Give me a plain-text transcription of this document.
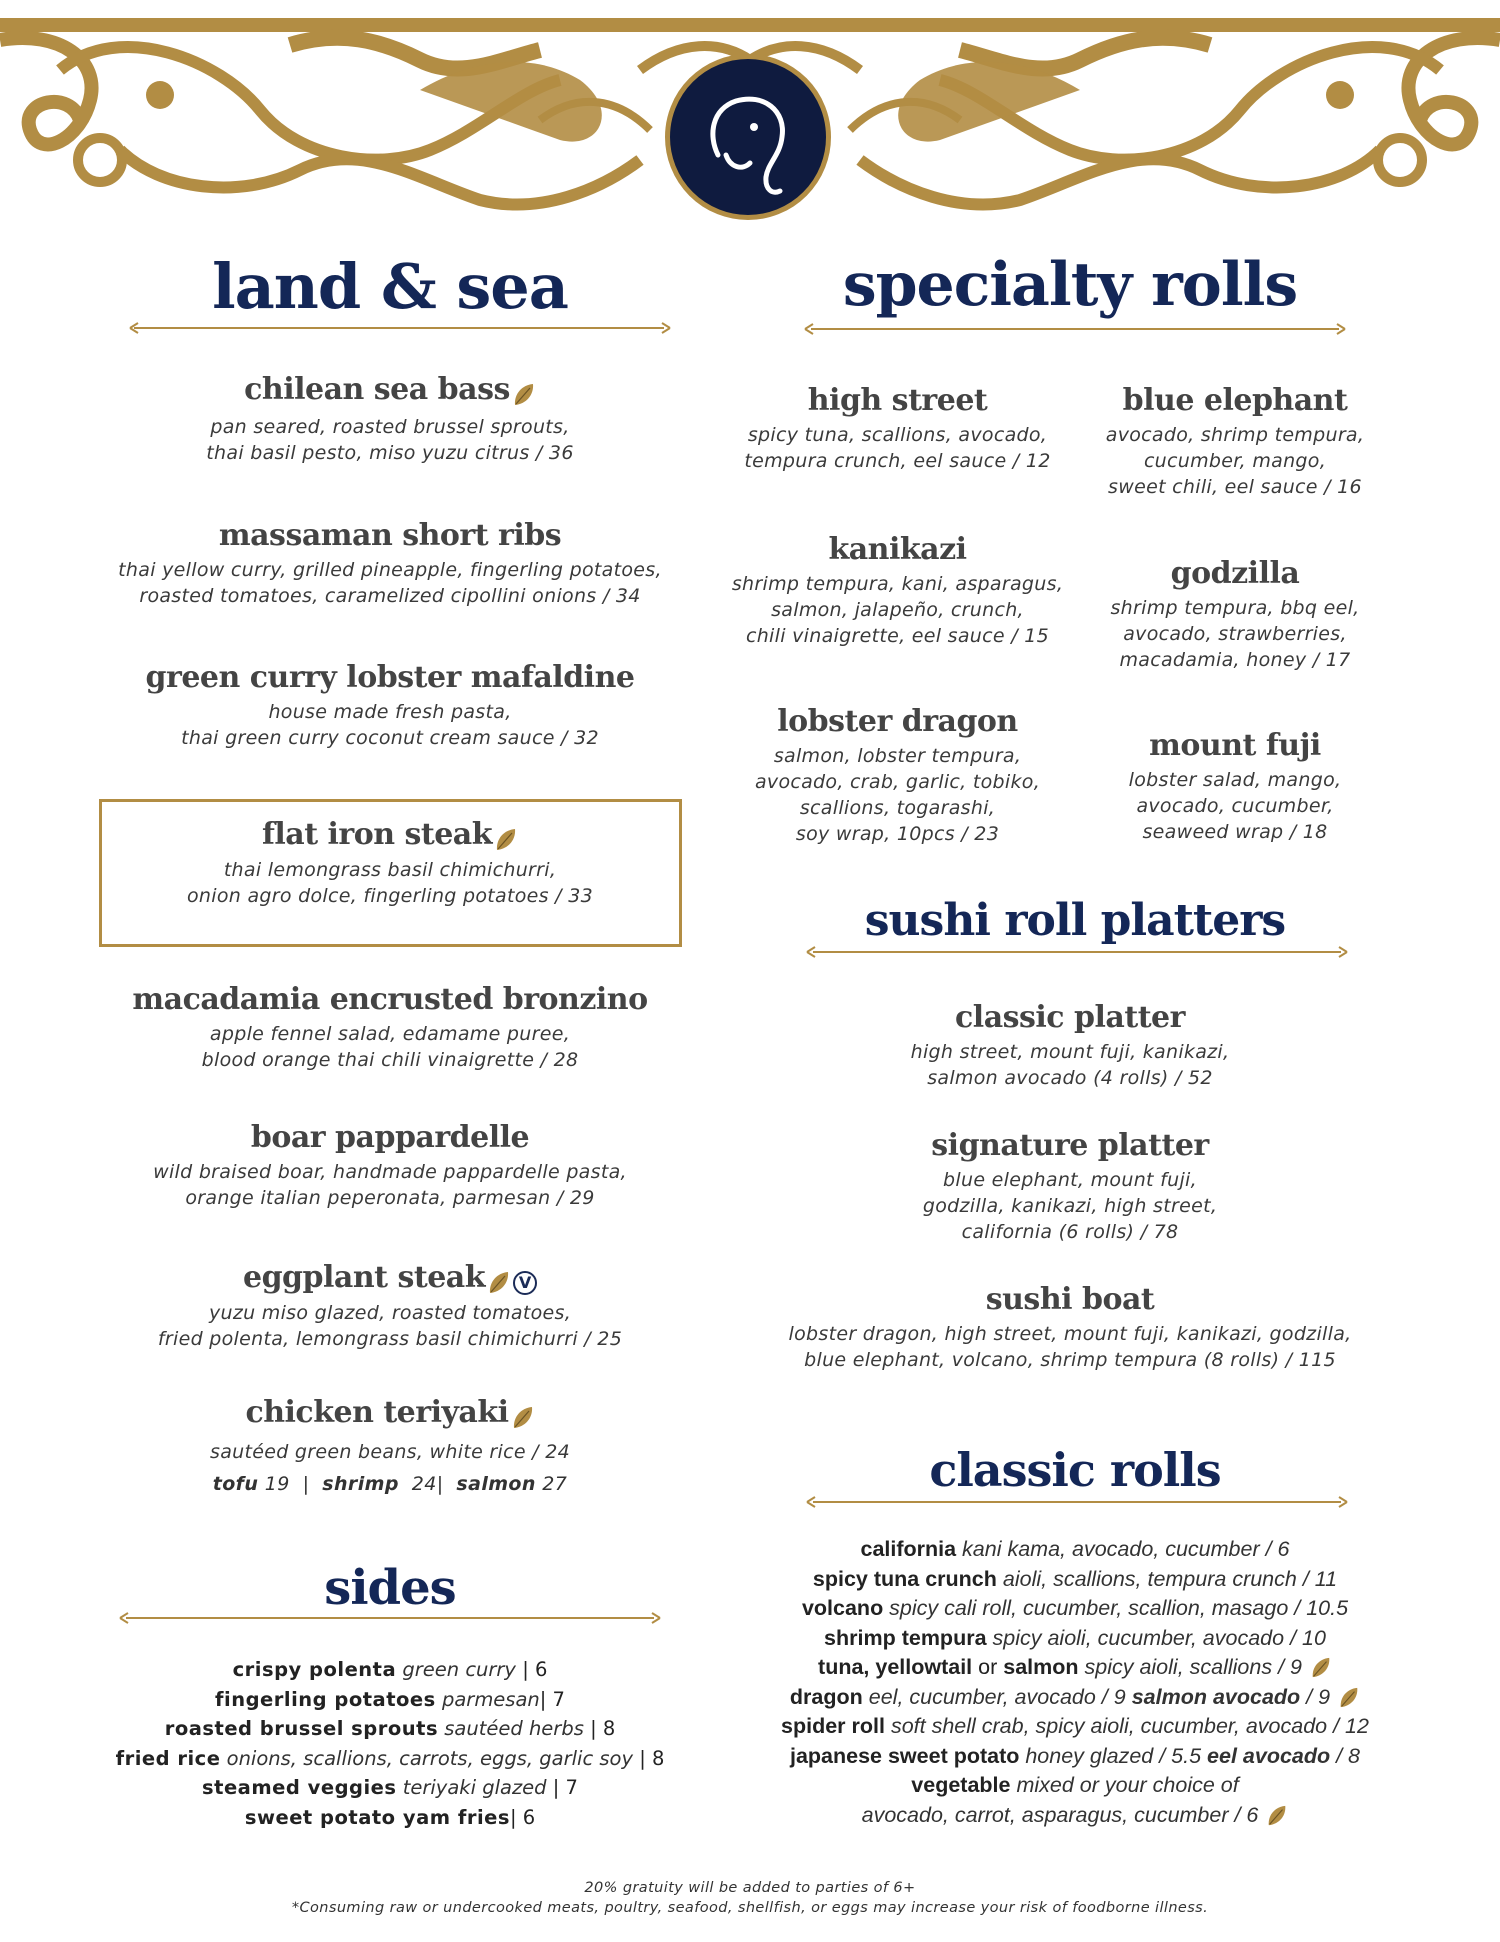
land & sea
chilean sea bass
pan seared, roasted brussel sprouts,
thai basil pesto, miso yuzu citrus / 36
massaman short ribs
thai yellow curry, grilled pineapple, fingerling potatoes,
roasted tomatoes, caramelized cipollini onions / 34
green curry lobster mafaldine
house made fresh pasta,
thai green curry coconut cream sauce / 32
flat iron steak
thai lemongrass basil chimichurri,
onion agro dolce, fingerling potatoes / 33
macadamia encrusted bronzino
apple fennel salad, edamame puree,
blood orange thai chili vinaigrette / 28
boar pappardelle
wild braised boar, handmade pappardelle pasta,
orange italian peperonata, parmesan / 29
eggplant steak V
yuzu miso glazed, roasted tomatoes,
fried polenta, lemongrass basil chimichurri / 25
chicken teriyaki
sautéed green beans, white rice / 24
tofu 19 | shrimp 24| salmon 27
sides
crispy polenta green curry | 6
fingerling potatoes parmesan| 7
roasted brussel sprouts sautéed herbs | 8
fried rice onions, scallions, carrots, eggs, garlic soy | 8
steamed veggies teriyaki glazed | 7
sweet potato yam fries| 6
specialty rolls
high street
spicy tuna, scallions, avocado,
tempura crunch, eel sauce / 12
kanikazi
shrimp tempura, kani, asparagus,
salmon, jalapeño, crunch,
chili vinaigrette, eel sauce / 15
lobster dragon
salmon, lobster tempura,
avocado, crab, garlic, tobiko,
scallions, togarashi,
soy wrap, 10pcs / 23
blue elephant
avocado, shrimp tempura,
cucumber, mango,
sweet chili, eel sauce / 16
godzilla
shrimp tempura, bbq eel,
avocado, strawberries,
macadamia, honey / 17
mount fuji
lobster salad, mango,
avocado, cucumber,
seaweed wrap / 18
sushi roll platters
classic platter
high street, mount fuji, kanikazi,
salmon avocado (4 rolls) / 52
signature platter
blue elephant, mount fuji,
godzilla, kanikazi, high street,
california (6 rolls) / 78
sushi boat
lobster dragon, high street, mount fuji, kanikazi, godzilla,
blue elephant, volcano, shrimp tempura (8 rolls) / 115
classic rolls
california kani kama, avocado, cucumber / 6
spicy tuna crunch aioli, scallions, tempura crunch / 11
volcano spicy cali roll, cucumber, scallion, masago / 10.5
shrimp tempura spicy aioli, cucumber, avocado / 10
tuna, yellowtail or salmon spicy aioli, scallions / 9
dragon eel, cucumber, avocado / 9 salmon avocado / 9
spider roll soft shell crab, spicy aioli, cucumber, avocado / 12
japanese sweet potato honey glazed / 5.5 eel avocado / 8
vegetable mixed or your choice of
avocado, carrot, asparagus, cucumber / 6
20% gratuity will be added to parties of 6+
*Consuming raw or undercooked meats, poultry, seafood, shellfish, or eggs may increase your risk of foodborne illness.
